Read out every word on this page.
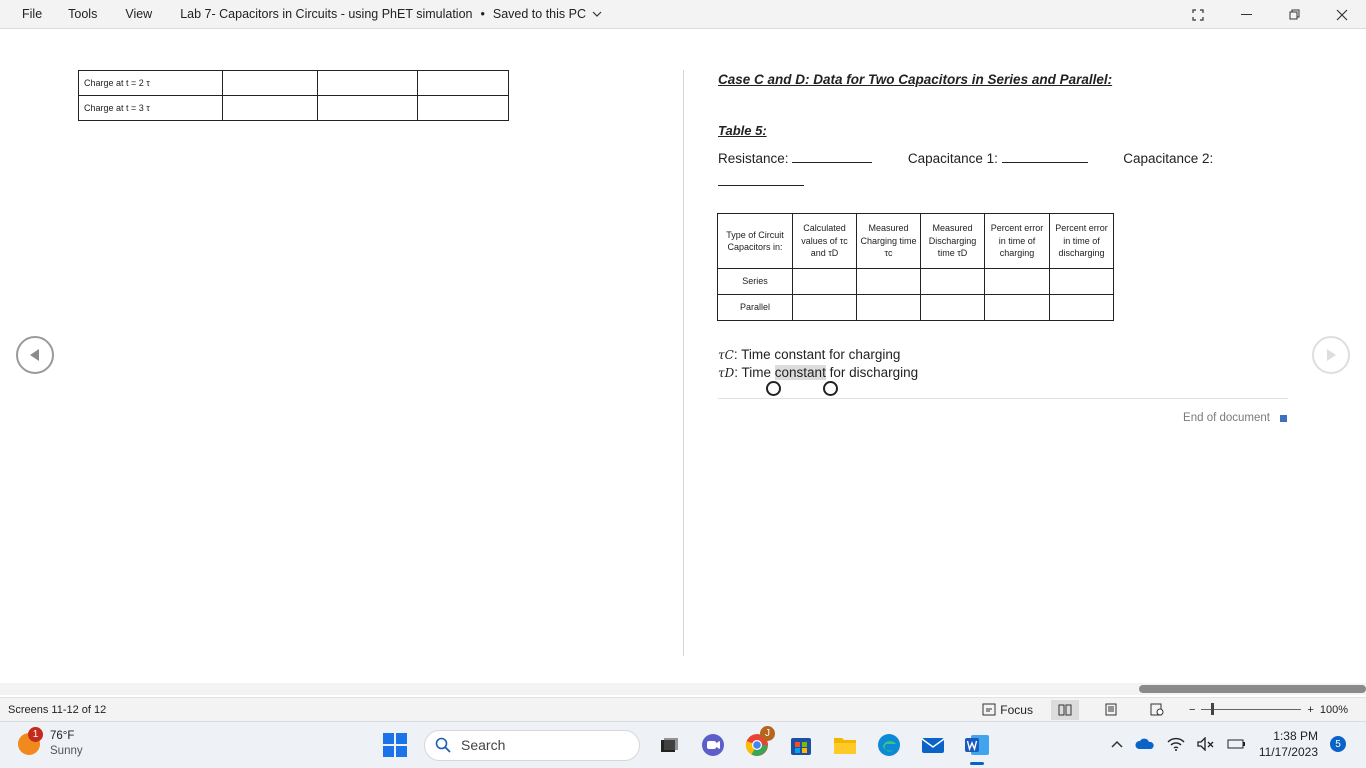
File	Tools	View	Lab 7- Capacitors in Circuits - using PhET simulation • Saved to this PC
Charge at t = 2 τ			
Charge at t = 3 τ			
Case C and D: Data for Two Capacitors in Series and Parallel:
Table 5:
Resistance:	Capacitance 1:	Capacitance 2:

Type of Circuit Capacitors in:	Calculated values of τc and τD	Measured Charging time τc	Measured Discharging time τD	Percent error in time of charging	Percent error in time of discharging
Series					
Parallel					
τC: Time constant for charging
τD: Time constant for discharging
End of document
Screens 11-12 of 12	Focus	−	+ 100%
1	76°F
Sunny	Search
J	1:38 PM
11/17/2023
5
